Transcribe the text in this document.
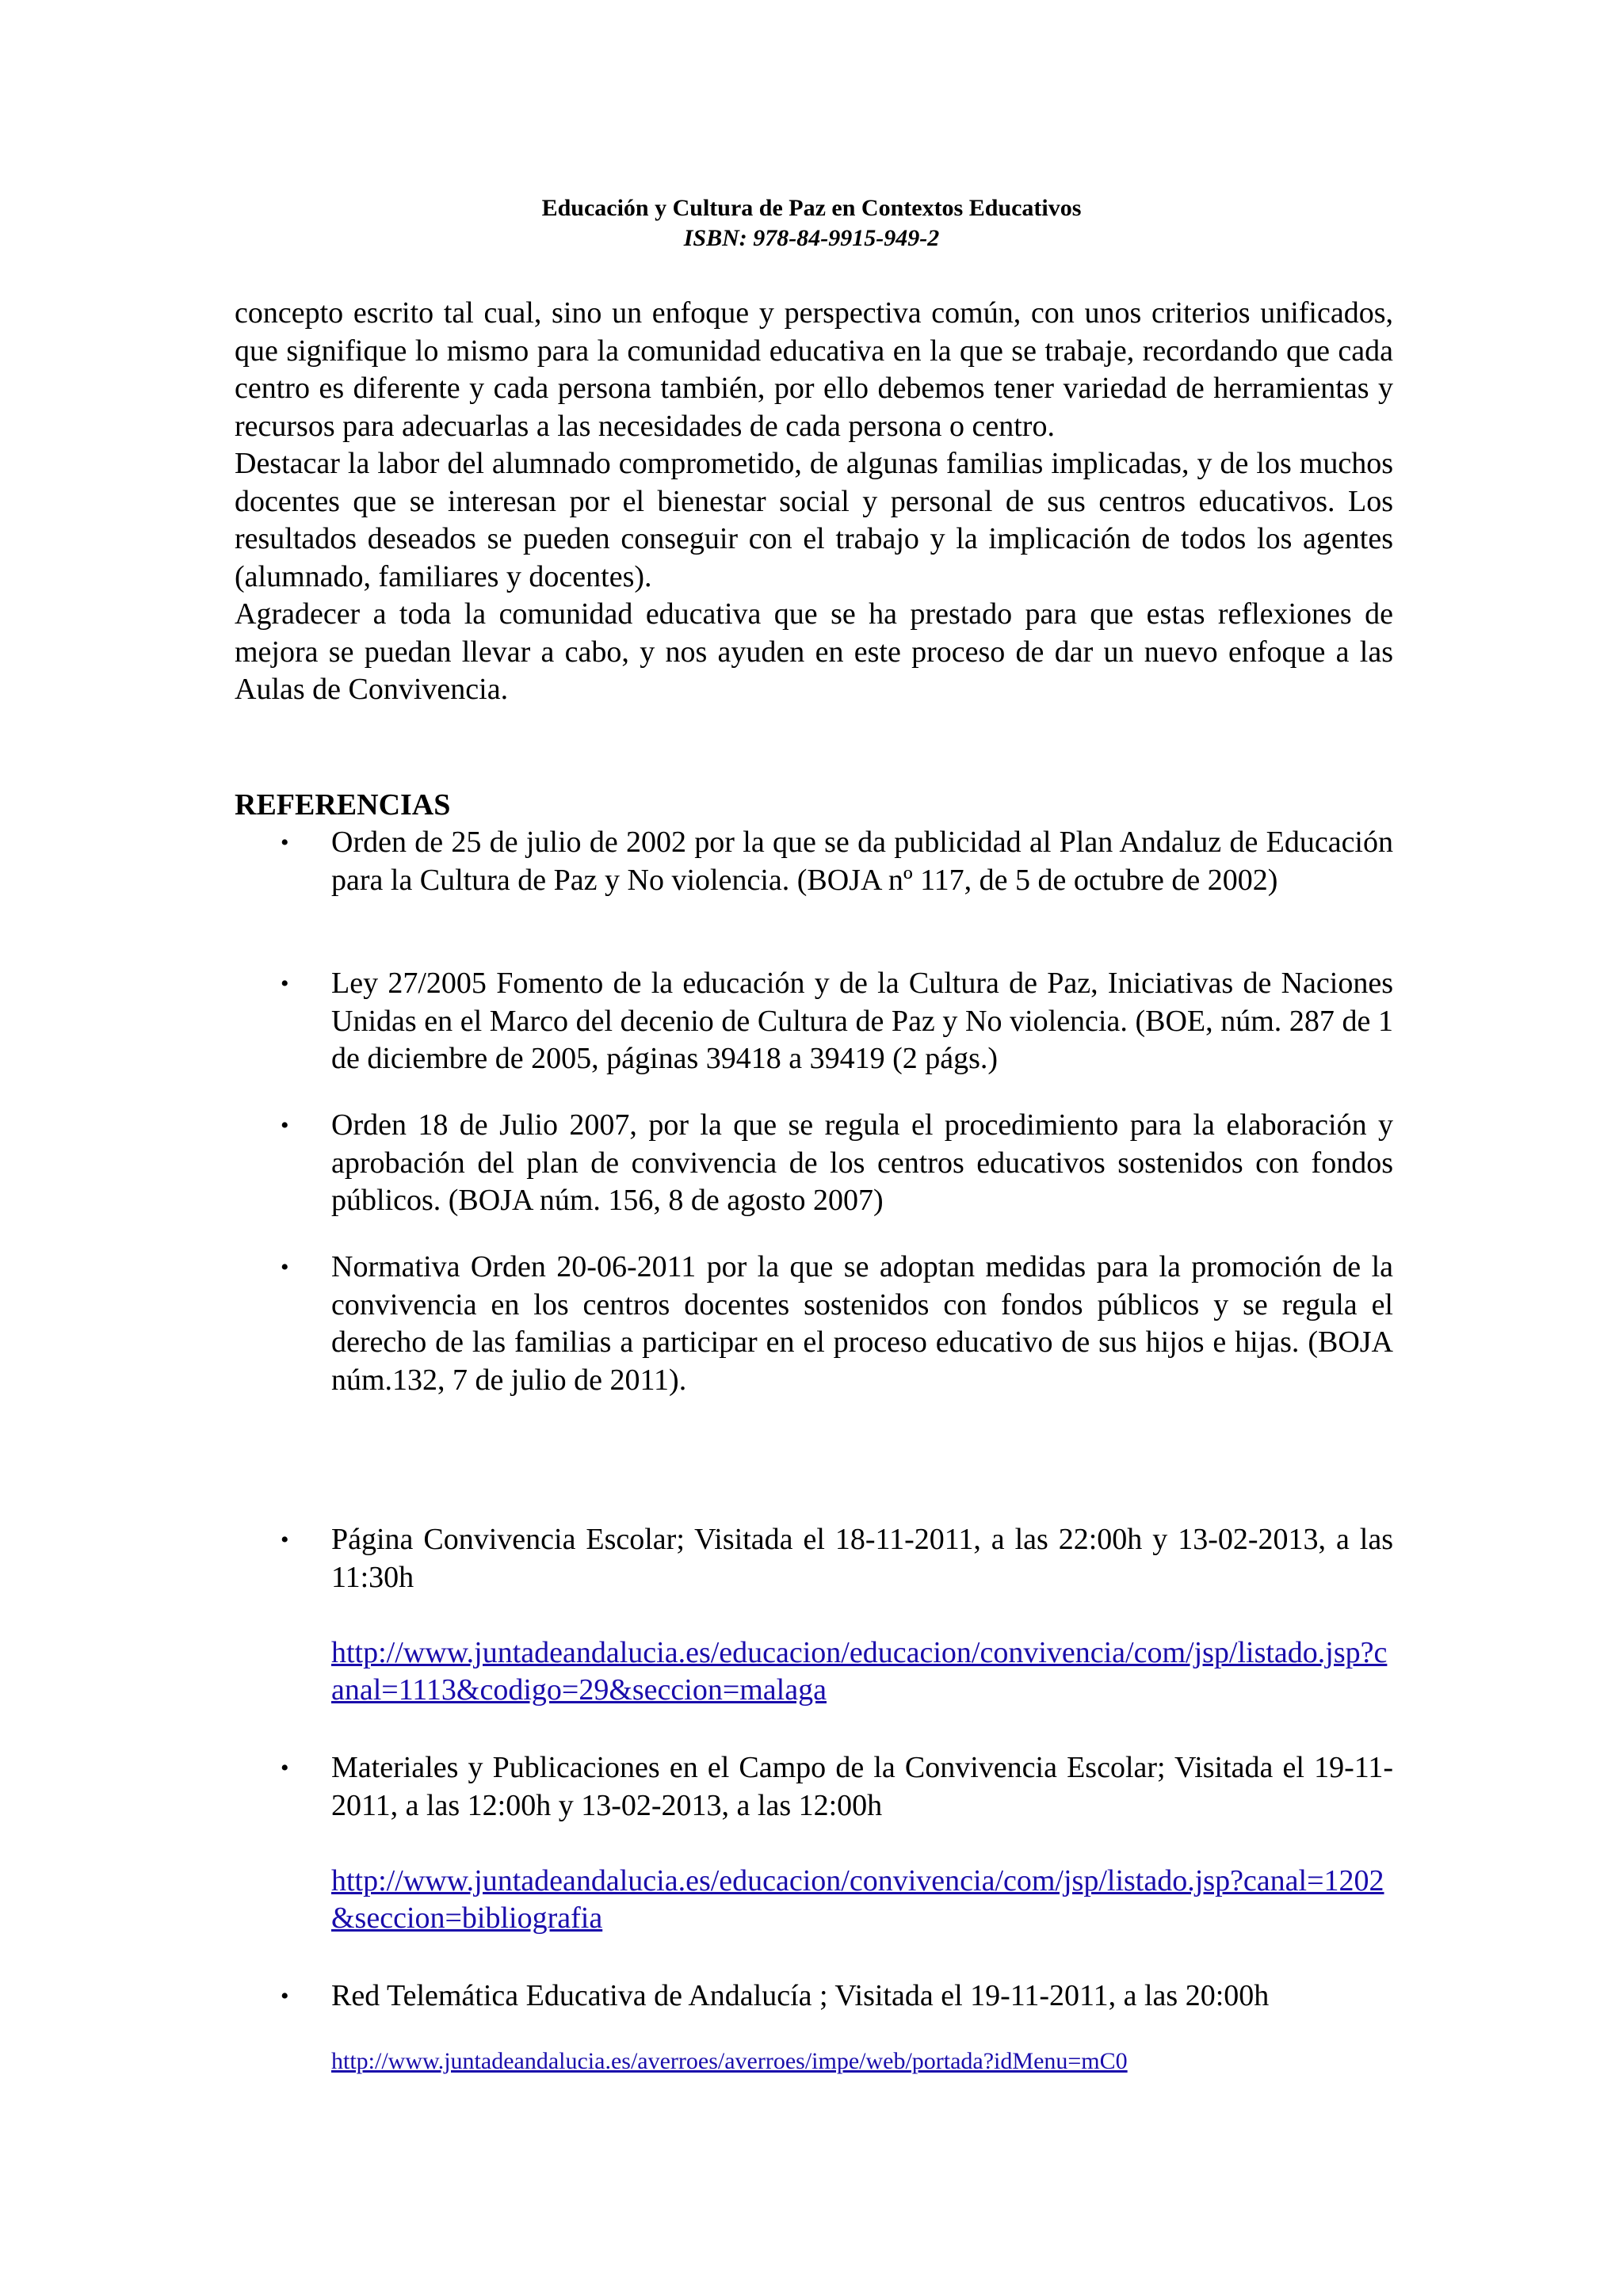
Educación y Cultura de Paz en Contextos Educativos
ISBN: 978-84-9915-949-2

concepto escrito tal cual, sino un enfoque y perspectiva común, con unos criterios unificados, que signifique lo mismo para la comunidad educativa en la que se trabaje, recordando que cada centro es diferente y cada persona también, por ello debemos tener variedad de herramientas y recursos para adecuarlas a las necesidades de cada persona o centro.

Destacar la labor del alumnado comprometido, de algunas familias implicadas, y de los muchos docentes que se interesan por el bienestar social y personal de sus centros educativos. Los resultados deseados se pueden conseguir con el trabajo y la implicación de todos los agentes (alumnado, familiares y docentes).

Agradecer a toda la comunidad educativa que se ha prestado para que estas reflexiones de mejora se puedan llevar a cabo, y nos ayuden en este proceso de dar un nuevo enfoque a las Aulas de Convivencia.

REFERENCIAS
• Orden de 25 de julio de 2002 por la que se da publicidad al Plan Andaluz de Educación para la Cultura de Paz y No violencia. (BOJA nº 117, de 5 de octubre de 2002)
• Ley 27/2005 Fomento de la educación y de la Cultura de Paz, Iniciativas de Naciones Unidas en el Marco del decenio de Cultura de Paz y No violencia. (BOE, núm. 287 de 1 de diciembre de 2005, páginas 39418 a 39419 (2 págs.)
• Orden 18 de Julio 2007, por la que se regula el procedimiento para la elaboración y aprobación del plan de convivencia de los centros educativos sostenidos con fondos públicos. (BOJA núm. 156, 8 de agosto 2007)
• Normativa Orden 20-06-2011 por la que se adoptan medidas para la promoción de la convivencia en los centros docentes sostenidos con fondos públicos y se regula el derecho de las familias a participar en el proceso educativo de sus hijos e hijas. (BOJA núm.132, 7 de julio de 2011).
• Página Convivencia Escolar; Visitada el 18-11-2011, a las 22:00h y 13-02-2013, a las 11:30h
http://www.juntadeandalucia.es/educacion/educacion/convivencia/com/jsp/listado.jsp?canal=1113&codigo=29&seccion=malaga
• Materiales y Publicaciones en el Campo de la Convivencia Escolar; Visitada el 19-11-2011, a las 12:00h y 13-02-2013, a las 12:00h
http://www.juntadeandalucia.es/educacion/convivencia/com/jsp/listado.jsp?canal=1202&seccion=bibliografia
• Red Telemática Educativa de Andalucía ; Visitada el 19-11-2011, a las 20:00h
http://www.juntadeandalucia.es/averroes/averroes/impe/web/portada?idMenu=mC0
